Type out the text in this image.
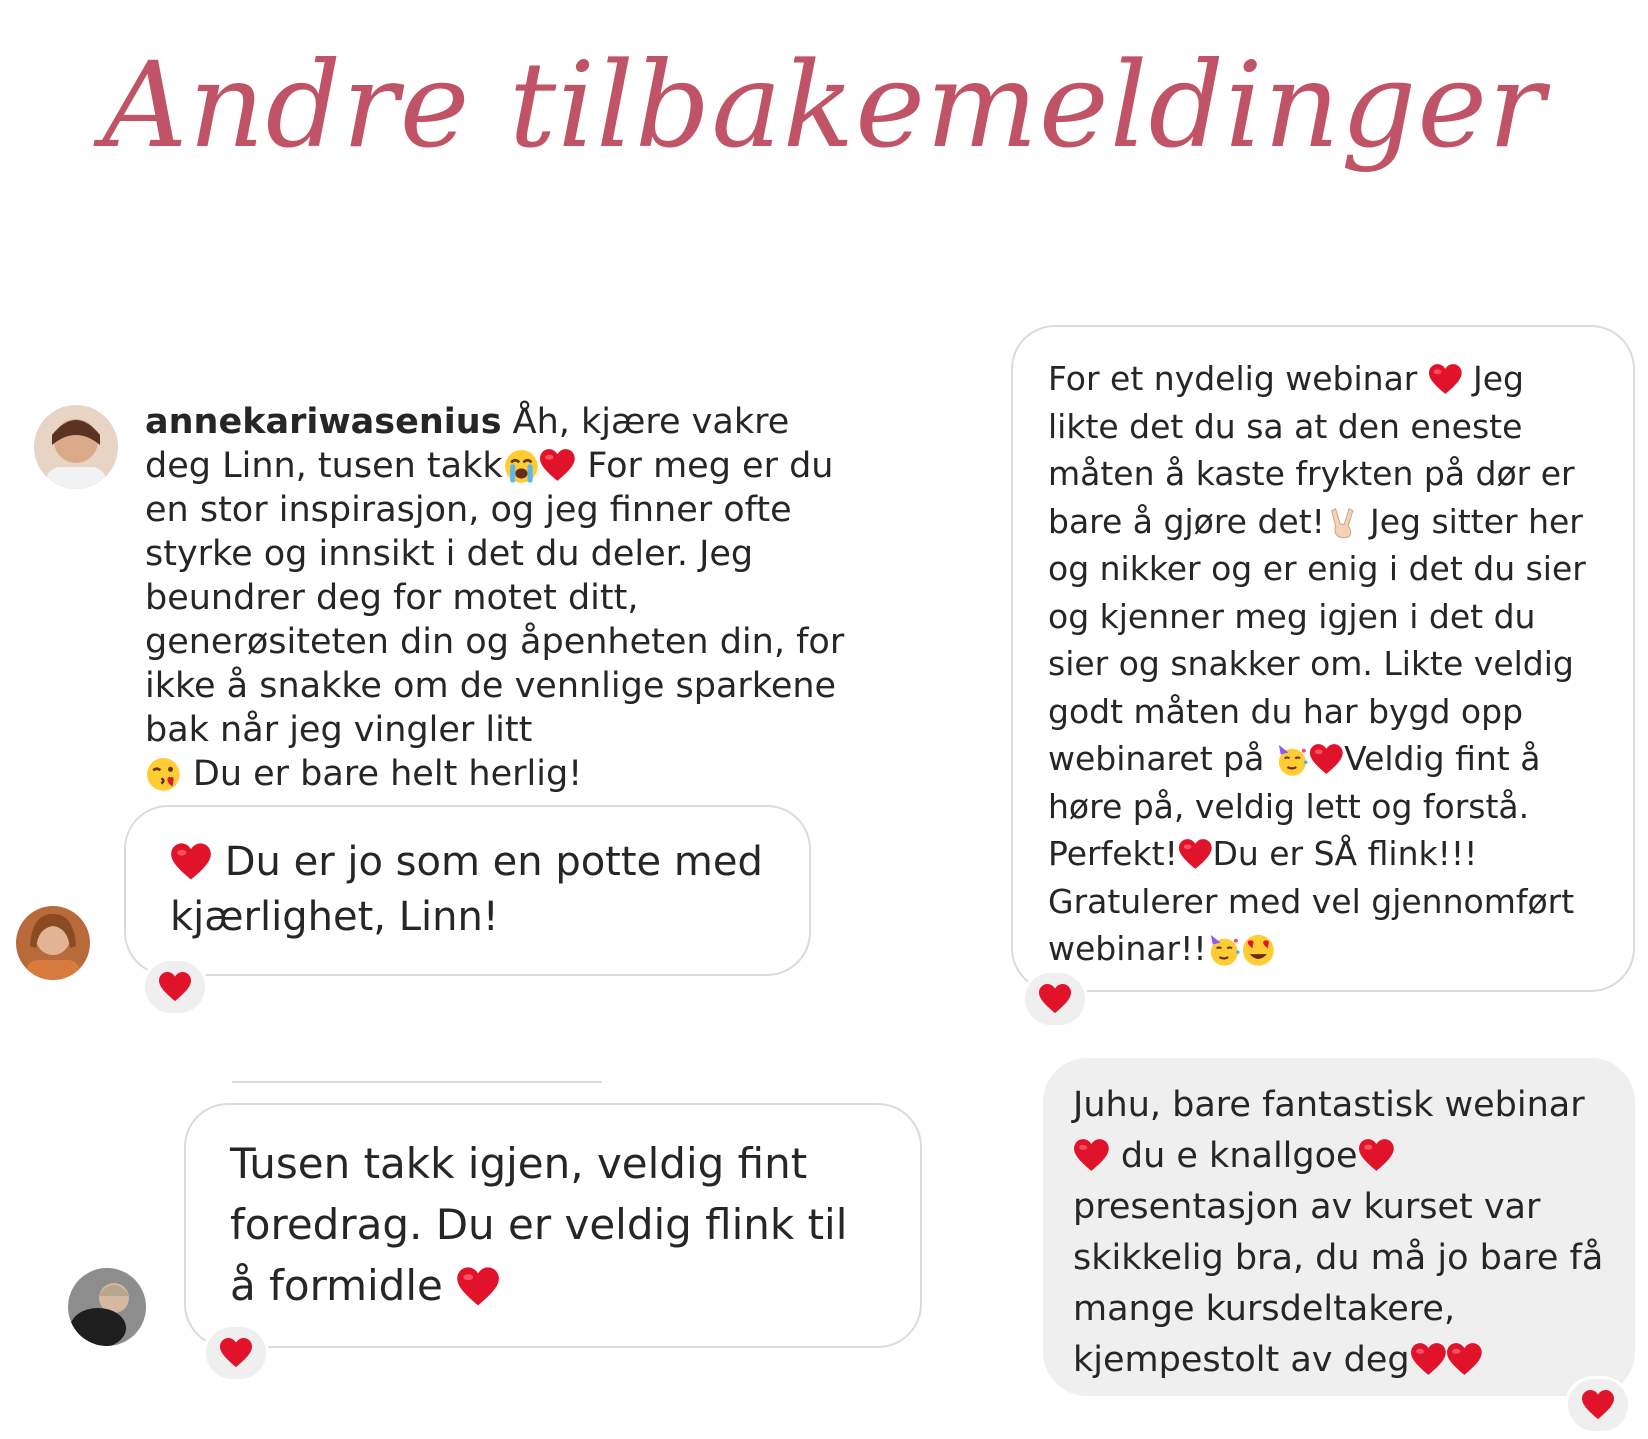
Andre tilbakemeldinger
annekariwasenius Åh, kjære vakre deg Linn, tusen takk
For meg er du en stor inspirasjon, og jeg finner ofte styrke og innsikt i det du deler. Jeg beundrer deg for motet ditt, generøsiteten din og åpenheten din, for ikke å snakke om de vennlige sparkene bak når jeg vingler litt

Du er bare helt herlig!
Du er jo som en potte med kjærlighet, Linn!
Tusen takk igjen, veldig fint foredrag. Du er veldig flink til å formidle
For et nydelig webinar
Jeg likte det du sa at den eneste måten å kaste frykten på dør er bare å gjøre det!
Jeg sitter her og nikker og er enig i det du sier og kjenner meg igjen i det du sier og snakker om. Likte veldig godt måten du har bygd opp webinaret på
Veldig fint å høre på, veldig lett og forstå. Perfekt! Du er SÅ flink!!! Gratulerer med vel gjennomført webinar!!
Juhu, bare fantastisk webinar
du e knallgoe
presentasjon av kurset var skikkelig bra, du må jo bare få mange kursdeltakere, kjempestolt av deg
